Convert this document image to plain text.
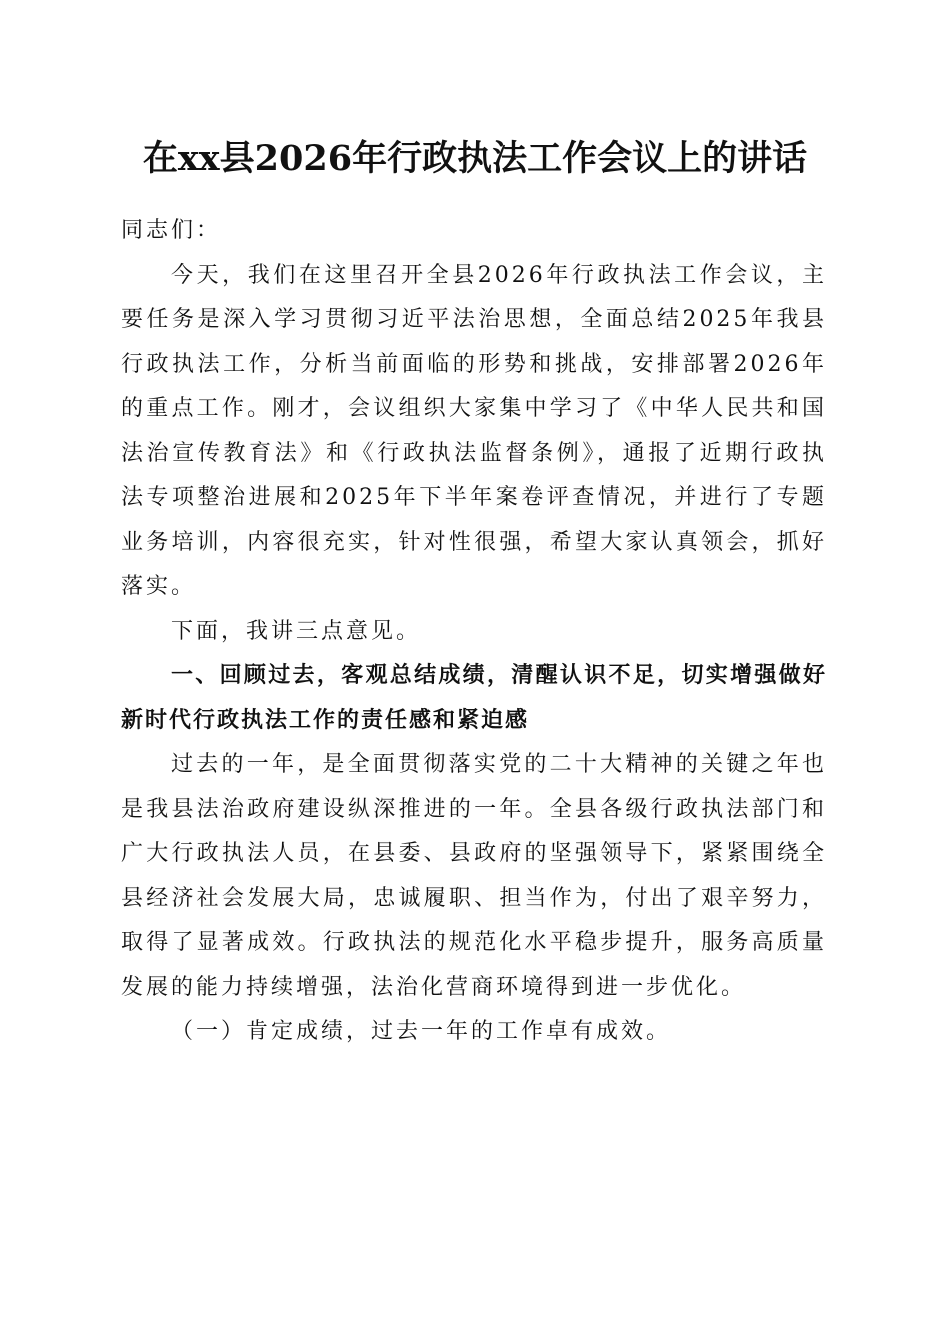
在xx县2026年行政执法工作会议上的讲话

同志们：

今天，我们在这里召开全县2026年行政执法工作会议，主要任务是深入学习贯彻习近平法治思想，全面总结2025年我县行政执法工作，分析当前面临的形势和挑战，安排部署2026年的重点工作。刚才，会议组织大家集中学习了《中华人民共和国法治宣传教育法》和《行政执法监督条例》，通报了近期行政执法专项整治进展和2025年下半年案卷评查情况，并进行了专题业务培训，内容很充实，针对性很强，希望大家认真领会，抓好落实。

下面，我讲三点意见。

一、回顾过去，客观总结成绩，清醒认识不足，切实增强做好新时代行政执法工作的责任感和紧迫感

过去的一年，是全面贯彻落实党的二十大精神的关键之年也是我县法治政府建设纵深推进的一年。全县各级行政执法部门和广大行政执法人员，在县委、县政府的坚强领导下，紧紧围绕全县经济社会发展大局，忠诚履职、担当作为，付出了艰辛努力，取得了显著成效。行政执法的规范化水平稳步提升，服务高质量发展的能力持续增强，法治化营商环境得到进一步优化。

（一）肯定成绩，过去一年的工作卓有成效。
